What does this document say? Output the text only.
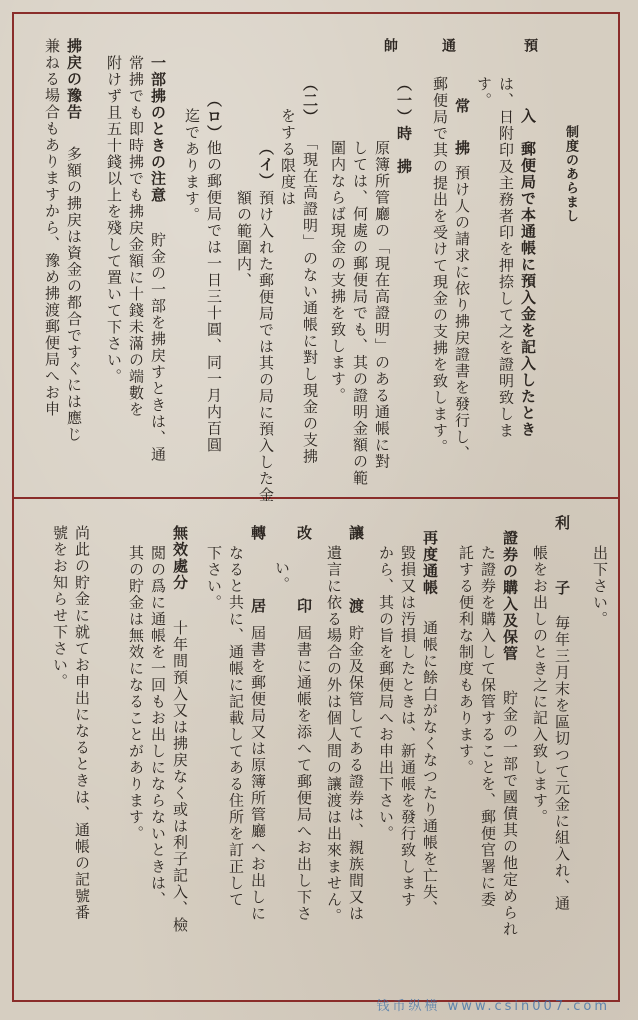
制度のあらまし
預
通
帥
入　郵便局で本通帳に預入金を記入したとき
は、日附印及主務者印を押捺して之を證明致しま
す。
常
拂
預け人の請求に依り拂戻證書を發行し、
郵便局で其の提出を受けて現金の支拂を致します。
（一）時　拂
原簿所管廳の「現在高證明」のある通帳に對
しては、何處の郵便局でも、其の證明金額の範
圍内ならば現金の支拂を致します。
（二）
「現在高證明」のない通帳に對し現金の支拂
をする限度は
（イ）
預け入れた郵便局では其の局に預入した金
額の範圍内、
（ロ）
他の郵便局では一日三十圓、同一月内百圓
迄であります。
一部拂のときの注意
貯金の一部を拂戻すときは、通
常拂でも即時拂でも拂戻金額に十錢未滿の端數を
附けず且五十錢以上を殘して置いて下さい。
拂戻の豫告
多額の拂戻は資金の都合ですぐには應じ
兼ねる場合もありますから、豫め拂渡郵便局へお申
出下さい。
利
子
毎年三月末を區切つて元金に組入れ、通
帳をお出しのとき之に記入致します。
證券の購入及保管
貯金の一部で國債其の他定められ
た證券を購入して保管することを、郵便官署に委
託する便利な制度もあります。
再度通帳
通帳に餘白がなくなつたり通帳を亡失、
毀損又は汚損したときは、新通帳を發行致します
から、其の旨を郵便局へお申出下さい。
讓
渡
貯金及保管してある證券は、親族間又は
遺言に依る場合の外は個人間の讓渡は出來ません。
改
印
屆書に通帳を添へて郵便局へお出し下さ
い。
轉
居
屆書を郵便局又は原簿所管廳へお出しに
なると共に、通帳に記載してある住所を訂正して
下さい。
無效處分
十年間預入又は拂戻なく或は利子記入、檢
閲の爲に通帳を一回もお出しにならないときは、
其の貯金は無效になることがあります。
尚此の貯金に就てお申出になるときは、通帳の記號番
號をお知らせ下さい。
钱币纵横 www.csin007.com
